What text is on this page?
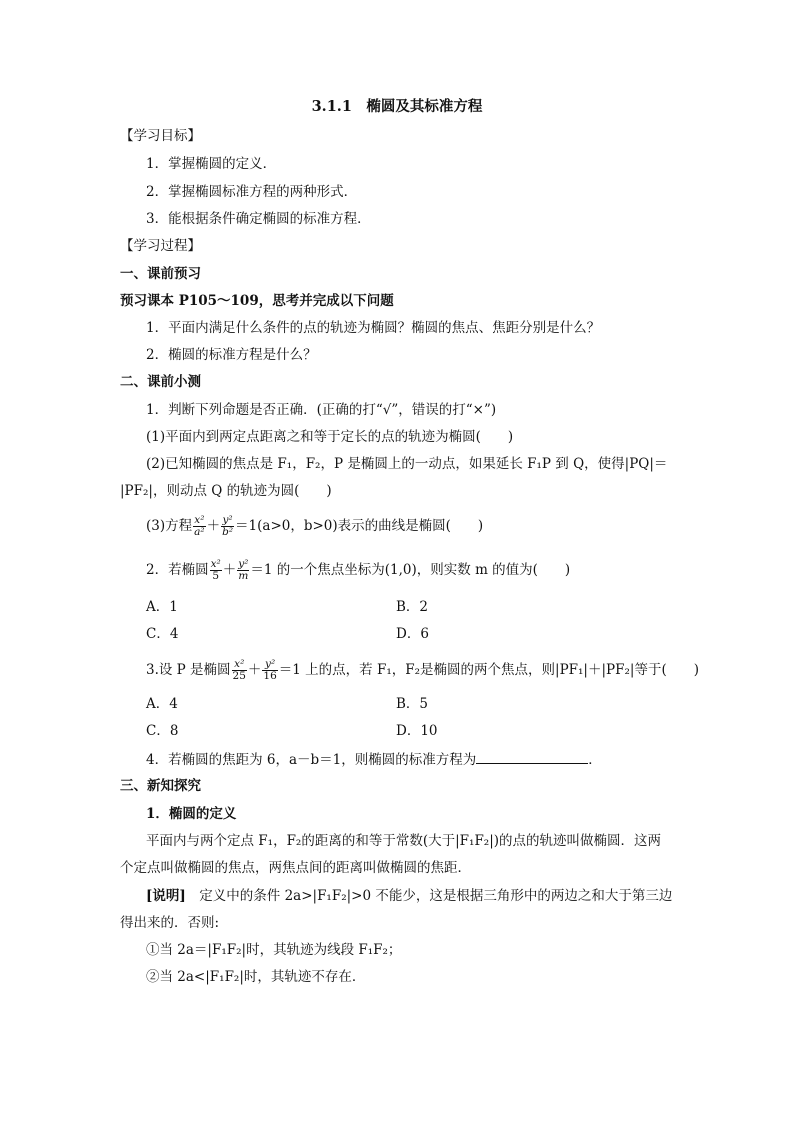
3.1.1　椭圆及其标准方程
【学习目标】
1．掌握椭圆的定义．
2．掌握椭圆标准方程的两种形式．
3．能根据条件确定椭圆的标准方程．
【学习过程】
一、课前预习
预习课本 P105～109，思考并完成以下问题
1．平面内满足什么条件的点的轨迹为椭圆？椭圆的焦点、焦距分别是什么？
2．椭圆的标准方程是什么？
二、课前小测
1．判断下列命题是否正确．(正确的打“√”，错误的打“×”)
(1)平面内到两定点距离之和等于定长的点的轨迹为椭圆(　　)
(2)已知椭圆的焦点是 F₁，F₂，P 是椭圆上的一动点，如果延长 F₁P 到 Q，使得|PQ|＝
|PF₂|，则动点 Q 的轨迹为圆(　　)
(3)方程 $\frac{\text{x²}}{\text{a²}} + \frac{\text{y²}}{\text{b²}} =1(a>0$，b>0)表示的曲线是椭圆(　　)
2．若椭圆 $\frac{\text{x²}}{5} + \frac{\text{y²}}{m} =1$ 的一个焦点坐标为(1,0)，则实数 m 的值为(　　)
A．1	B．2
C．4	D．6
3.设 P 是椭圆 $\frac{\text{x²}}{25} + \frac{\text{y²}}{16} =1$ 上的点，若 F₁，F₂是椭圆的两个焦点，则|PF₁|＋|PF₂|等于(　　)
A．4	B．5
C．8	D．10
4．若椭圆的焦距为 6，a－b＝1，则椭圆的标准方程为	．
三、新知探究
1．椭圆的定义
平面内与两个定点 F₁，F₂的距离的和等于常数(大于|F₁F₂|)的点的轨迹叫做椭圆．这两
个定点叫做椭圆的焦点，两焦点间的距离叫做椭圆的焦距．
[说明]　定义中的条件 2a>|F₁F₂|>0 不能少，这是根据三角形中的两边之和大于第三边
得出来的．否则:
①当 2a＝|F₁F₂|时，其轨迹为线段 F₁F₂；
②当 2a<|F₁F₂|时，其轨迹不存在．
